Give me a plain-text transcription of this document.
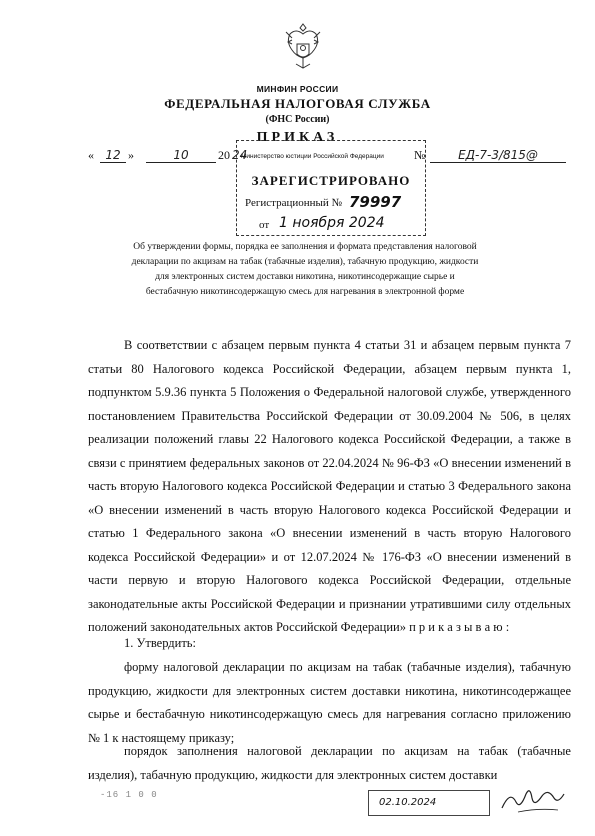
МИНФИН РОССИИ
ФЕДЕРАЛЬНАЯ НАЛОГОВАЯ СЛУЖБА
(ФНС России)
ПРИКАЗ
« 12 »	10	20 24	№	ЕД-7-3/815@
Министерство юстиции Российской Федерации
ЗАРЕГИСТРИРОВАНО
Регистрационный № 79997
от 1 ноября 2024
Об утверждении формы, порядка ее заполнения и формата представления налоговой
декларации по акцизам на табак (табачные изделия), табачную продукцию, жидкости
для электронных систем доставки никотина, никотинсодержащие сырье и
бестабачную никотинсодержащую смесь для нагревания в электронной форме
В соответствии с абзацем первым пункта 4 статьи 31 и абзацем первым пункта 7 статьи 80 Налогового кодекса Российской Федерации, абзацем первым пункта 1, подпунктом 5.9.36 пункта 5 Положения о Федеральной налоговой службе, утвержденного постановлением Правительства Российской Федерации от 30.09.2004 № 506, в целях реализации положений главы 22 Налогового кодекса Российской Федерации, а также в связи с принятием федеральных законов от 22.04.2024 № 96-ФЗ «О внесении изменений в часть вторую Налогового кодекса Российской Федерации и статью 3 Федерального закона «О внесении изменений в часть вторую Налогового кодекса Российской Федерации и статью 1 Федерального закона «О внесении изменений в часть вторую Налогового кодекса Российской Федерации» и от 12.07.2024 № 176-ФЗ «О внесении изменений в части первую и вторую Налогового кодекса Российской Федерации, отдельные законодательные акты Российской Федерации и признании утратившими силу отдельных положений законодательных актов Российской Федерации» п р и к а з ы в а ю :
1. Утвердить:
форму налоговой декларации по акцизам на табак (табачные изделия), табачную продукцию, жидкости для электронных систем доставки никотина, никотинсодержащее сырье и бестабачную никотинсодержащую смесь для нагревания согласно приложению № 1 к настоящему приказу;
порядок заполнения налоговой декларации по акцизам на табак (табачные изделия), табачную продукцию, жидкости для электронных систем доставки
-16 1 0 0
02.10.2024
